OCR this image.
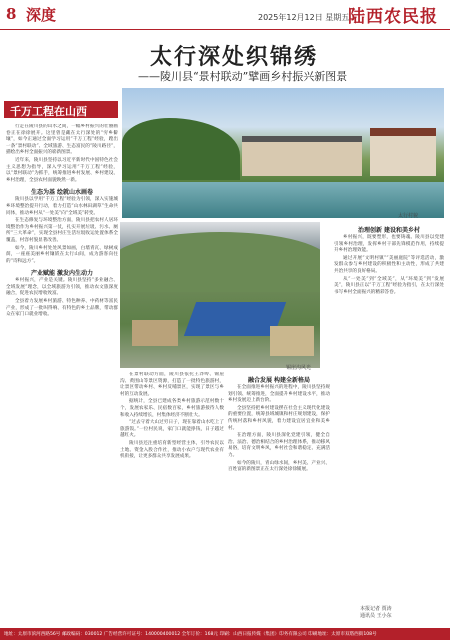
8 深度	2025年12月12日 星期五
陆西农民报
太行深处织锦绣
——陵川县“景村联动”擘画乡村振兴新图景
太行村貌
千万工程在山西

行走在陵川县的山水之间，一幅乡村振兴的壮丽画卷正在徐徐展开。这里曾是藏在太行深处的“穷乡僻壤”，如今正通过全面学习运用“千万工程”经验，蹚出一条“景村联动”、全域旅游、生态富民的“陵川路径”，描绘出乡村全面振兴的崭新图景。

近年来，陵川县坚持以习近平新时代中国特色社会主义思想为指导，深入学习运用“千万工程”经验，以“景村联动”为抓手，统筹推进乡村发展、乡村建设、乡村治理，全县农村面貌焕然一新。

生态为基 绘就山水画卷

陵川县以学用“千万工程”经验为引领，深入实施城乡环境整治提升行动，着力打造“山水林田湖草”生命共同体，推动乡村从“一处美”向“全域美”转变。

在生态修复与环境整治方面，陵川县把农村人居环境整治作为乡村振兴第一仗，扎实开展垃圾、污水、厕所“三大革命”，实现全县村庄生活垃圾收运处置体系全覆盖，村容村貌显著改善。

如今，陵川乡村处处风景如画，白墙青瓦、绿树成荫，一座座美丽乡村镶嵌在太行山间，成为游客向往的“诗和远方”。

产业赋能 激发内生动力

乡村振兴，产业是关键。陵川县坚持“多业融合、全域发展”理念，以全域旅游为引领，推动农文旅深度融合，促进农民增收致富。

全县着力发展乡村旅游、特色种养、中药材等富民产业，形成了一批叫得响、有特色的乡土品牌，带动群众在家门口就业增收。

锡崖沟风光

在景村联动方面，陵川县依托王莽岭、锡崖沟、黄围山等景区资源，打造了一批特色旅游村，让景区带动乡村、乡村反哺景区，实现了景区与乡村的互动发展。

据统计，全县已建成各类乡村旅游示范村数十个，发展农家乐、民宿数百家，乡村旅游接待人数和收入持续增长，村集体经济不断壮大。

“过去守着大山过穷日子，现在靠着山水吃上了旅游饭。”一位村民说，家门口就能挣钱，日子越过越红火。

陵川县还注重培育新型经营主体，引导农民以土地、资金入股合作社，推动小农户与现代农业有机衔接，让更多群众共享发展成果。

融合发展 构建全新格局

在全面推进乡村振兴的进程中，陵川县坚持规划引领、统筹推进，全面提升乡村建设水平，推动乡村发展迈上新台阶。

全县坚持把乡村建设摆在社会主义现代化建设的重要位置，统筹县域城镇和村庄规划建设，保护传统村落和乡村风貌，着力建设宜居宜业和美乡村。

在治理方面，陵川县深化党建引领，健全自治、法治、德治相结合的乡村治理体系，推动移风易俗，培育文明乡风，乡村社会和谐稳定、充满活力。

如今的陵川，青山绿水间，乡村美、产业兴、百姓富的新图景正在太行深处徐徐铺展。

治理创新 建设和美乡村

乡村振兴，既要塑形，也要铸魂。陵川县以党建引领乡村治理，发挥乡村干部先锋模范作用，持续提升乡村治理效能。

通过开展“文明村镇”“美丽庭院”等评选活动，激发群众参与乡村建设的积极性和主动性，形成了共建共治共享的良好格局。

从“一处美”到“全域美”，从“环境美”到“发展美”，陵川县正以“千万工程”经验为指引，在太行深处书写乡村全面振兴的精彩答卷。

本报记者 贾涛
通讯员 王小东
地址：太原市滨河西路56号 邮政编码：030012 广告经营许可证号：140000400012 全年订价：168元 印刷：山西日报传媒（集团）印务有限公司 印刷地址：太原市双塔西街108号
